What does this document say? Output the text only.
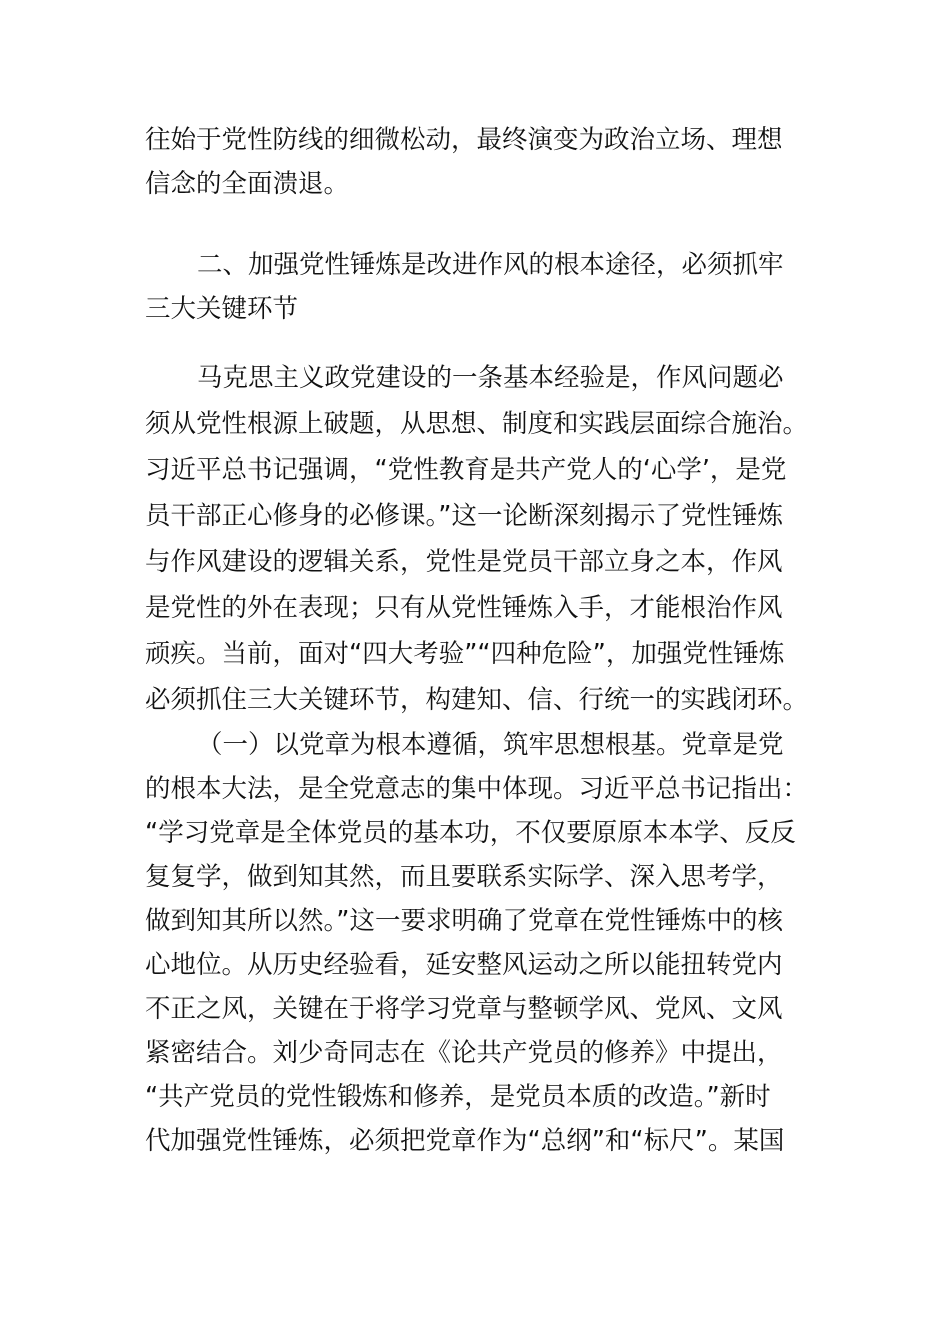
往始于党性防线的细微松动，最终演变为政治立场、理想
信念的全面溃退。
二、加强党性锤炼是改进作风的根本途径，必须抓牢
三大关键环节
马克思主义政党建设的一条基本经验是，作风问题必
须从党性根源上破题，从思想、制度和实践层面综合施治。
习近平总书记强调，“党性教育是共产党人的‘心学’，是党
员干部正心修身的必修课。”这一论断深刻揭示了党性锤炼
与作风建设的逻辑关系，党性是党员干部立身之本，作风
是党性的外在表现；只有从党性锤炼入手，才能根治作风
顽疾。当前，面对“四大考验”“四种危险”，加强党性锤炼
必须抓住三大关键环节，构建知、信、行统一的实践闭环。
（一）以党章为根本遵循，筑牢思想根基。党章是党
的根本大法，是全党意志的集中体现。习近平总书记指出：
“学习党章是全体党员的基本功，不仅要原原本本学、反反
复复学，做到知其然，而且要联系实际学、深入思考学，
做到知其所以然。”这一要求明确了党章在党性锤炼中的核
心地位。从历史经验看，延安整风运动之所以能扭转党内
不正之风，关键在于将学习党章与整顿学风、党风、文风
紧密结合。刘少奇同志在《论共产党员的修养》中提出，
“共产党员的党性锻炼和修养，是党员本质的改造。”新时
代加强党性锤炼，必须把党章作为“总纲”和“标尺”。某国
